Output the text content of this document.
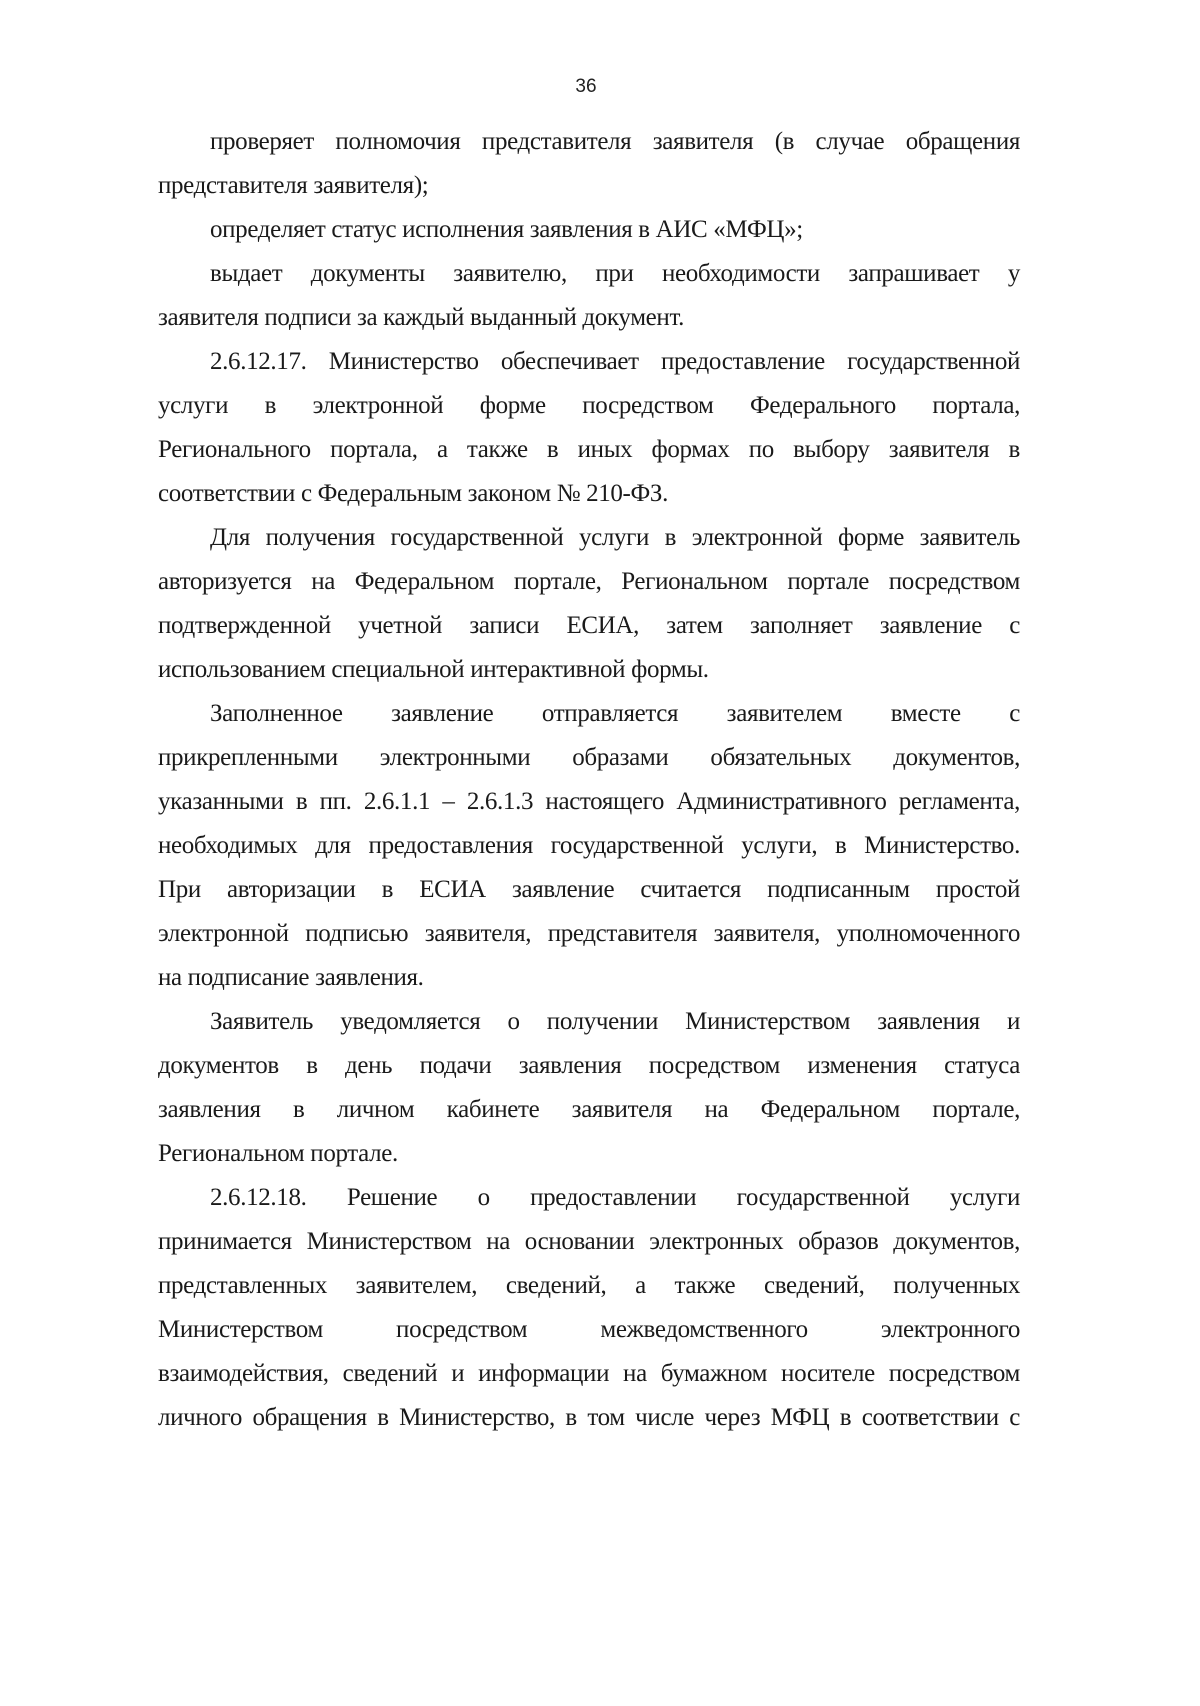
36
проверяет полномочия представителя заявителя (в случае обращения
представителя заявителя);
определяет статус исполнения заявления в АИС «МФЦ»;
выдает документы заявителю, при необходимости запрашивает у
заявителя подписи за каждый выданный документ.
2.6.12.17. Министерство обеспечивает предоставление государственной
услуги в электронной форме посредством Федерального портала,
Регионального портала, а также в иных формах по выбору заявителя в
соответствии с Федеральным законом № 210-ФЗ.
Для получения государственной услуги в электронной форме заявитель
авторизуется на Федеральном портале, Региональном портале посредством
подтвержденной учетной записи ЕСИА, затем заполняет заявление с
использованием специальной интерактивной формы.
Заполненное заявление отправляется заявителем вместе с
прикрепленными электронными образами обязательных документов,
указанными в пп. 2.6.1.1 – 2.6.1.3 настоящего Административного регламента,
необходимых для предоставления государственной услуги, в Министерство.
При авторизации в ЕСИА заявление считается подписанным простой
электронной подписью заявителя, представителя заявителя, уполномоченного
на подписание заявления.
Заявитель уведомляется о получении Министерством заявления и
документов в день подачи заявления посредством изменения статуса
заявления в личном кабинете заявителя на Федеральном портале,
Региональном портале.
2.6.12.18. Решение о предоставлении государственной услуги
принимается Министерством на основании электронных образов документов,
представленных заявителем, сведений, а также сведений, полученных
Министерством посредством межведомственного электронного
взаимодействия, сведений и информации на бумажном носителе посредством
личного обращения в Министерство, в том числе через МФЦ в соответствии с
